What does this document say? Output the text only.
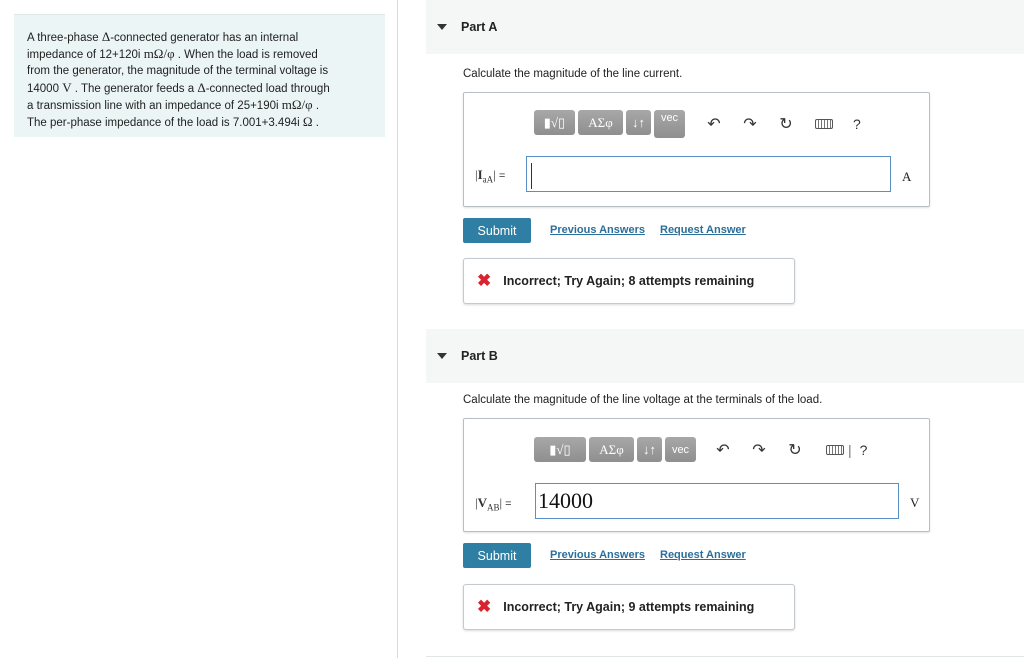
A three-phase Δ-connected generator has an internal
impedance of 12+120i mΩ/φ . When the load is removed
from the generator, the magnitude of the terminal voltage is
14000 V . The generator feeds a Δ-connected load through
a transmission line with an impedance of 25+190i mΩ/φ .
The per-phase impedance of the load is 7.001+3.494i Ω .
Part A
Calculate the magnitude of the line current.
▮√▯	ΑΣφ	↓↑	vec	↶ ↷ ↻	?
$|I_{aA}|$ =	A
Submit	Previous Answers Request Answer
✖ Incorrect; Try Again; 8 attempts remaining
Part B
Calculate the magnitude of the line voltage at the terminals of the load.
▮√▯	ΑΣφ	↓↑	vec	↶ ↷ ↻	| ?
$|V_{AB}| = 14000$	V
Submit	Previous Answers Request Answer
✖ Incorrect; Try Again; 9 attempts remaining
